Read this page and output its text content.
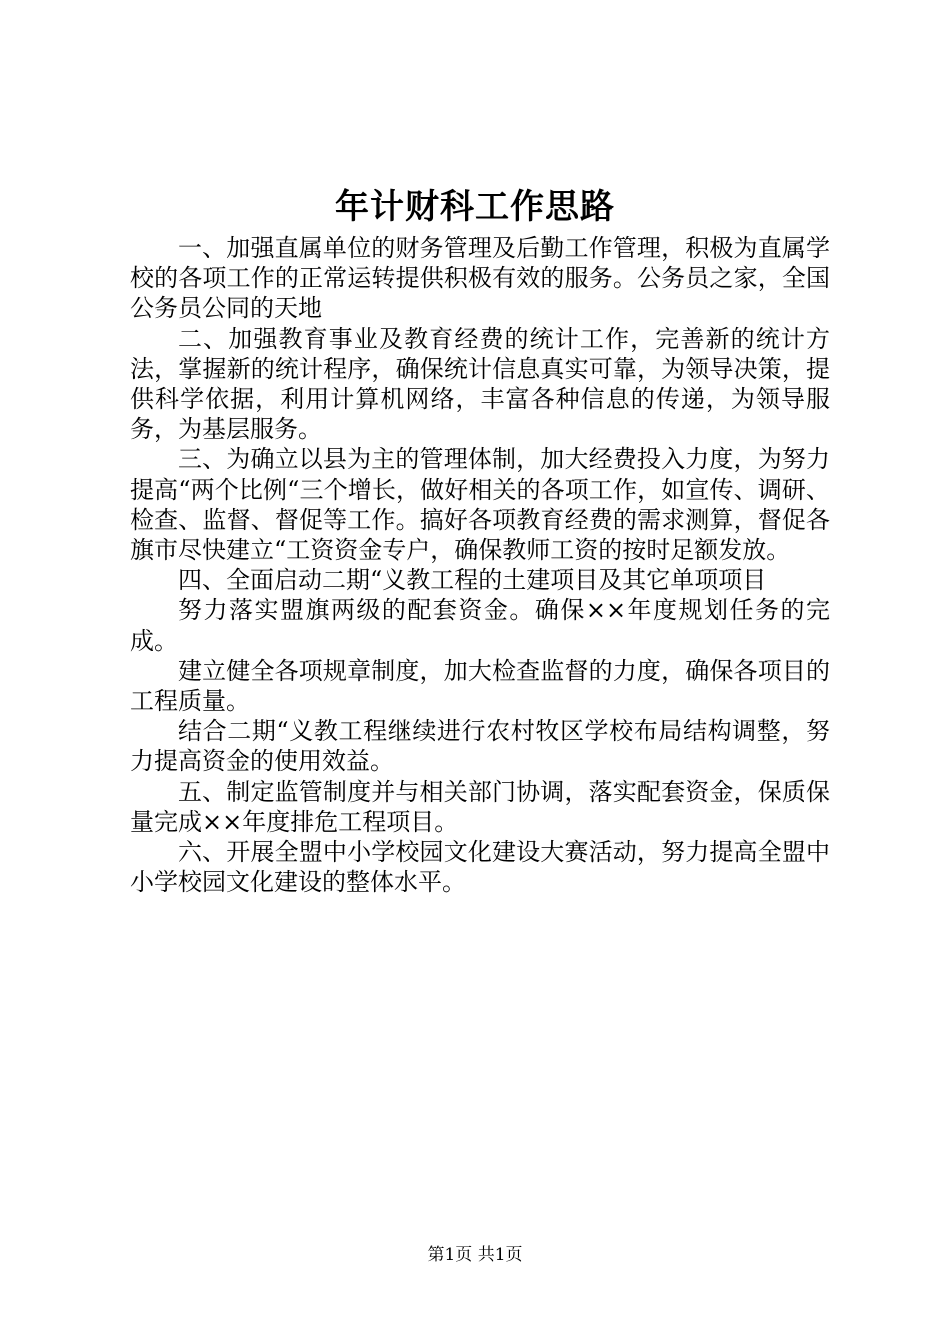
年计财科工作思路

一、加强直属单位的财务管理及后勤工作管理，积极为直属学校的各项工作的正常运转提供积极有效的服务。公务员之家，全国公务员公同的天地

二、加强教育事业及教育经费的统计工作，完善新的统计方法，掌握新的统计程序，确保统计信息真实可靠，为领导决策，提供科学依据，利用计算机网络，丰富各种信息的传递，为领导服务，为基层服务。

三、为确立以县为主的管理体制，加大经费投入力度，为努力提高“两个比例“三个增长，做好相关的各项工作，如宣传、调研、检查、监督、督促等工作。搞好各项教育经费的需求测算，督促各旗市尽快建立“工资资金专户，确保教师工资的按时足额发放。

四、全面启动二期“义教工程的土建项目及其它单项项目

努力落实盟旗两级的配套资金。确保××年度规划任务的完成。

建立健全各项规章制度，加大检查监督的力度，确保各项目的工程质量。

结合二期“义教工程继续进行农村牧区学校布局结构调整，努力提高资金的使用效益。

五、制定监管制度并与相关部门协调，落实配套资金，保质保量完成××年度排危工程项目。

六、开展全盟中小学校园文化建设大赛活动，努力提高全盟中小学校园文化建设的整体水平。

第1页 共1页
